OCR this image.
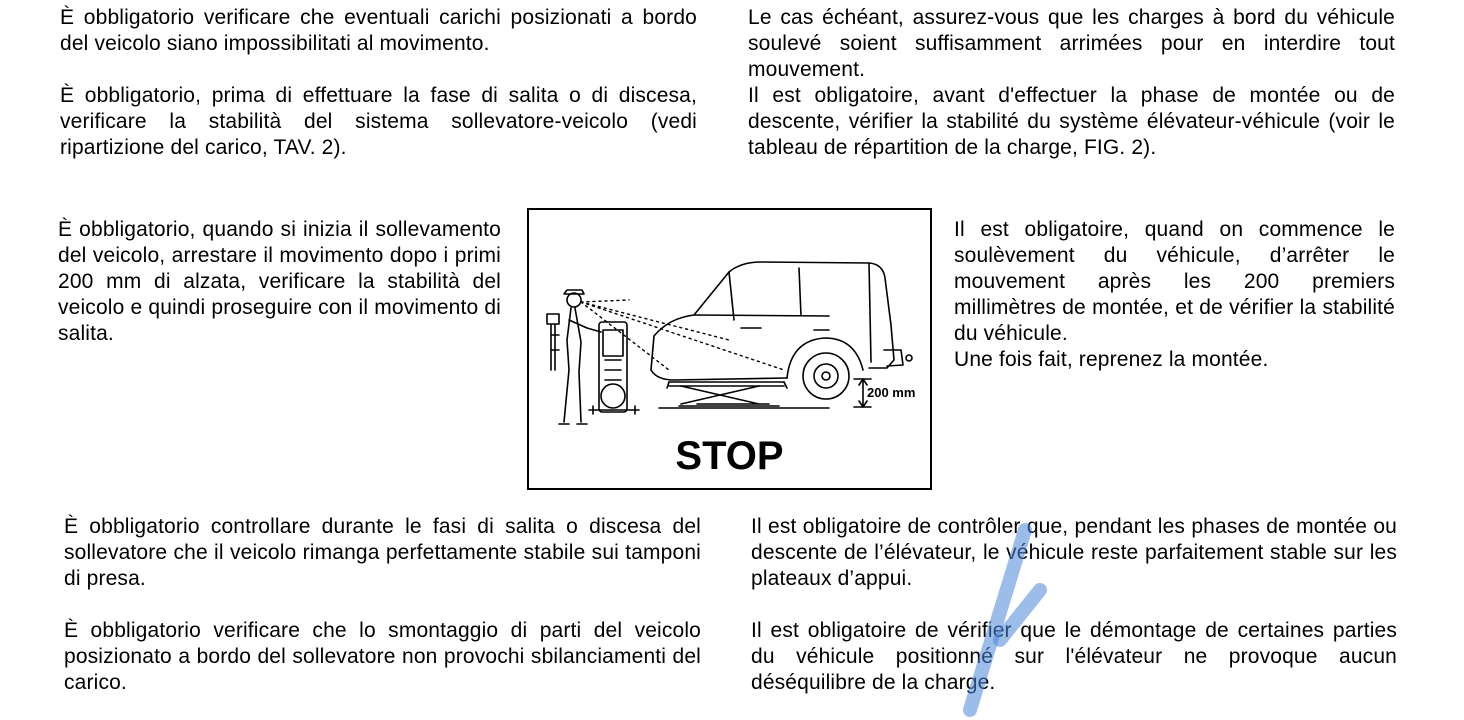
È obbligatorio verificare che eventuali carichi posizionati a bordo del veicolo siano impossibilitati al movimento.

Le cas échéant, assurez-vous que les charges à bord du véhicule soulevé soient suffisamment arrimées pour en interdire tout mouvement.

È obbligatorio, prima di effettuare la fase di salita o di discesa, verificare la stabilità del sistema sollevatore-veicolo (vedi ripartizione del carico, TAV. 2).

Il est obligatoire, avant d'effectuer la phase de montée ou de descente, vérifier la stabilité du système élévateur-véhicule (voir le tableau de répartition de la charge, FIG. 2).

È obbligatorio, quando si inizia il sollevamento del veicolo, arrestare il movimento dopo i primi 200 mm di alzata, verificare la stabilità del veicolo e quindi proseguire con il movimento di salita.

200 mm
STOP

Il est obligatoire, quand on commence le soulèvement du véhicule, d’arrêter le mouvement après les 200 premiers millimètres de montée, et de vérifier la stabilité du véhicule.

Une fois fait, reprenez la montée.

È obbligatorio controllare durante le fasi di salita o discesa del sollevatore che il veicolo rimanga perfettamente stabile sui tamponi di presa.

Il est obligatoire de contrôler que, pendant les phases de montée ou descente de l’élévateur, le véhicule reste parfaitement stable sur les plateaux d’appui.

È obbligatorio verificare che lo smontaggio di parti del veicolo posizionato a bordo del sollevatore non provochi sbilanciamenti del carico.

Il est obligatoire de vérifier que le démontage de certaines parties du véhicule positionné sur l'élévateur ne provoque aucun déséquilibre de la charge.
